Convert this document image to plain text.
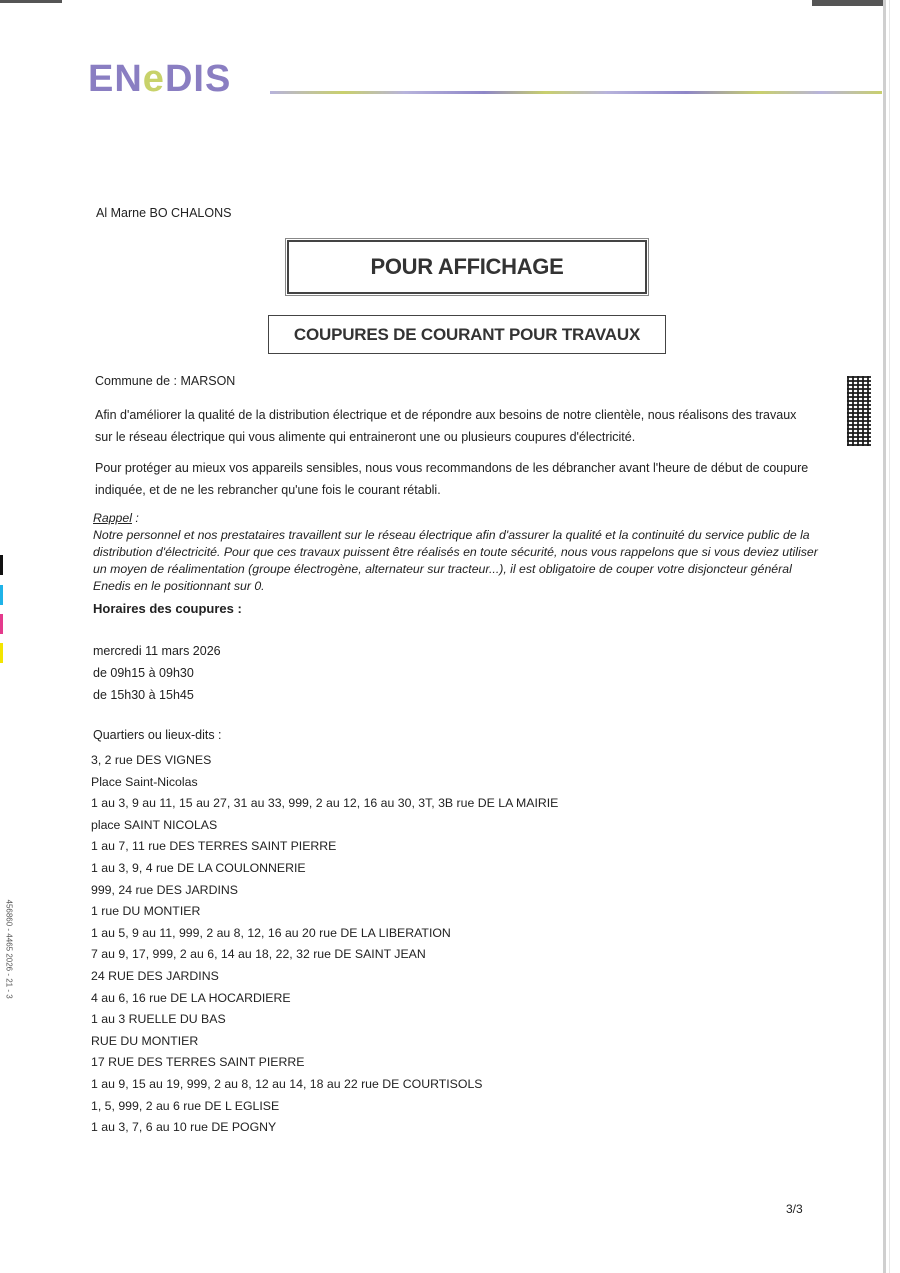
ENeDIS
Al Marne BO CHALONS
POUR AFFICHAGE
COUPURES DE COURANT POUR TRAVAUX
Commune de : MARSON
Afin d'améliorer la qualité de la distribution électrique et de répondre aux besoins de notre clientèle, nous réalisons des travaux sur le réseau électrique qui vous alimente qui entraineront une ou plusieurs coupures d'électricité.
Pour protéger au mieux vos appareils sensibles, nous vous recommandons de les débrancher avant l'heure de début de coupure indiquée, et de ne les rebrancher qu'une fois le courant rétabli.
Rappel :
Notre personnel et nos prestataires travaillent sur le réseau électrique afin d'assurer la qualité et la continuité du service public de la distribution d'électricité. Pour que ces travaux puissent être réalisés en toute sécurité, nous vous rappelons que si vous deviez utiliser un moyen de réalimentation (groupe électrogène, alternateur sur tracteur...), il est obligatoire de couper votre disjoncteur général Enedis en le positionnant sur 0.
Horaires des coupures :
mercredi 11 mars 2026
de 09h15 à 09h30
de 15h30 à 15h45
Quartiers ou lieux-dits :
3, 2 rue DES VIGNES
Place Saint-Nicolas
1 au 3, 9 au 11, 15 au 27, 31 au 33, 999, 2 au 12, 16 au 30, 3T, 3B rue DE LA MAIRIE
place SAINT NICOLAS
1 au 7, 11 rue DES TERRES SAINT PIERRE
1 au 3, 9, 4 rue DE LA COULONNERIE
999, 24 rue DES JARDINS
1 rue DU MONTIER
1 au 5, 9 au 11, 999, 2 au 8, 12, 16 au 20 rue DE LA LIBERATION
7 au 9, 17, 999, 2 au 6, 14 au 18, 22, 32 rue DE SAINT JEAN
24 RUE DES JARDINS
4 au 6, 16 rue DE LA HOCARDIERE
1 au 3 RUELLE DU BAS
RUE DU MONTIER
17 RUE DES TERRES SAINT PIERRE
1 au 9, 15 au 19, 999, 2 au 8, 12 au 14, 18 au 22 rue DE COURTISOLS
1, 5, 999, 2 au 6 rue DE L EGLISE
1 au 3, 7, 6 au 10 rue DE POGNY
3/3
456860 - 4465 2026 - 21 - 3
